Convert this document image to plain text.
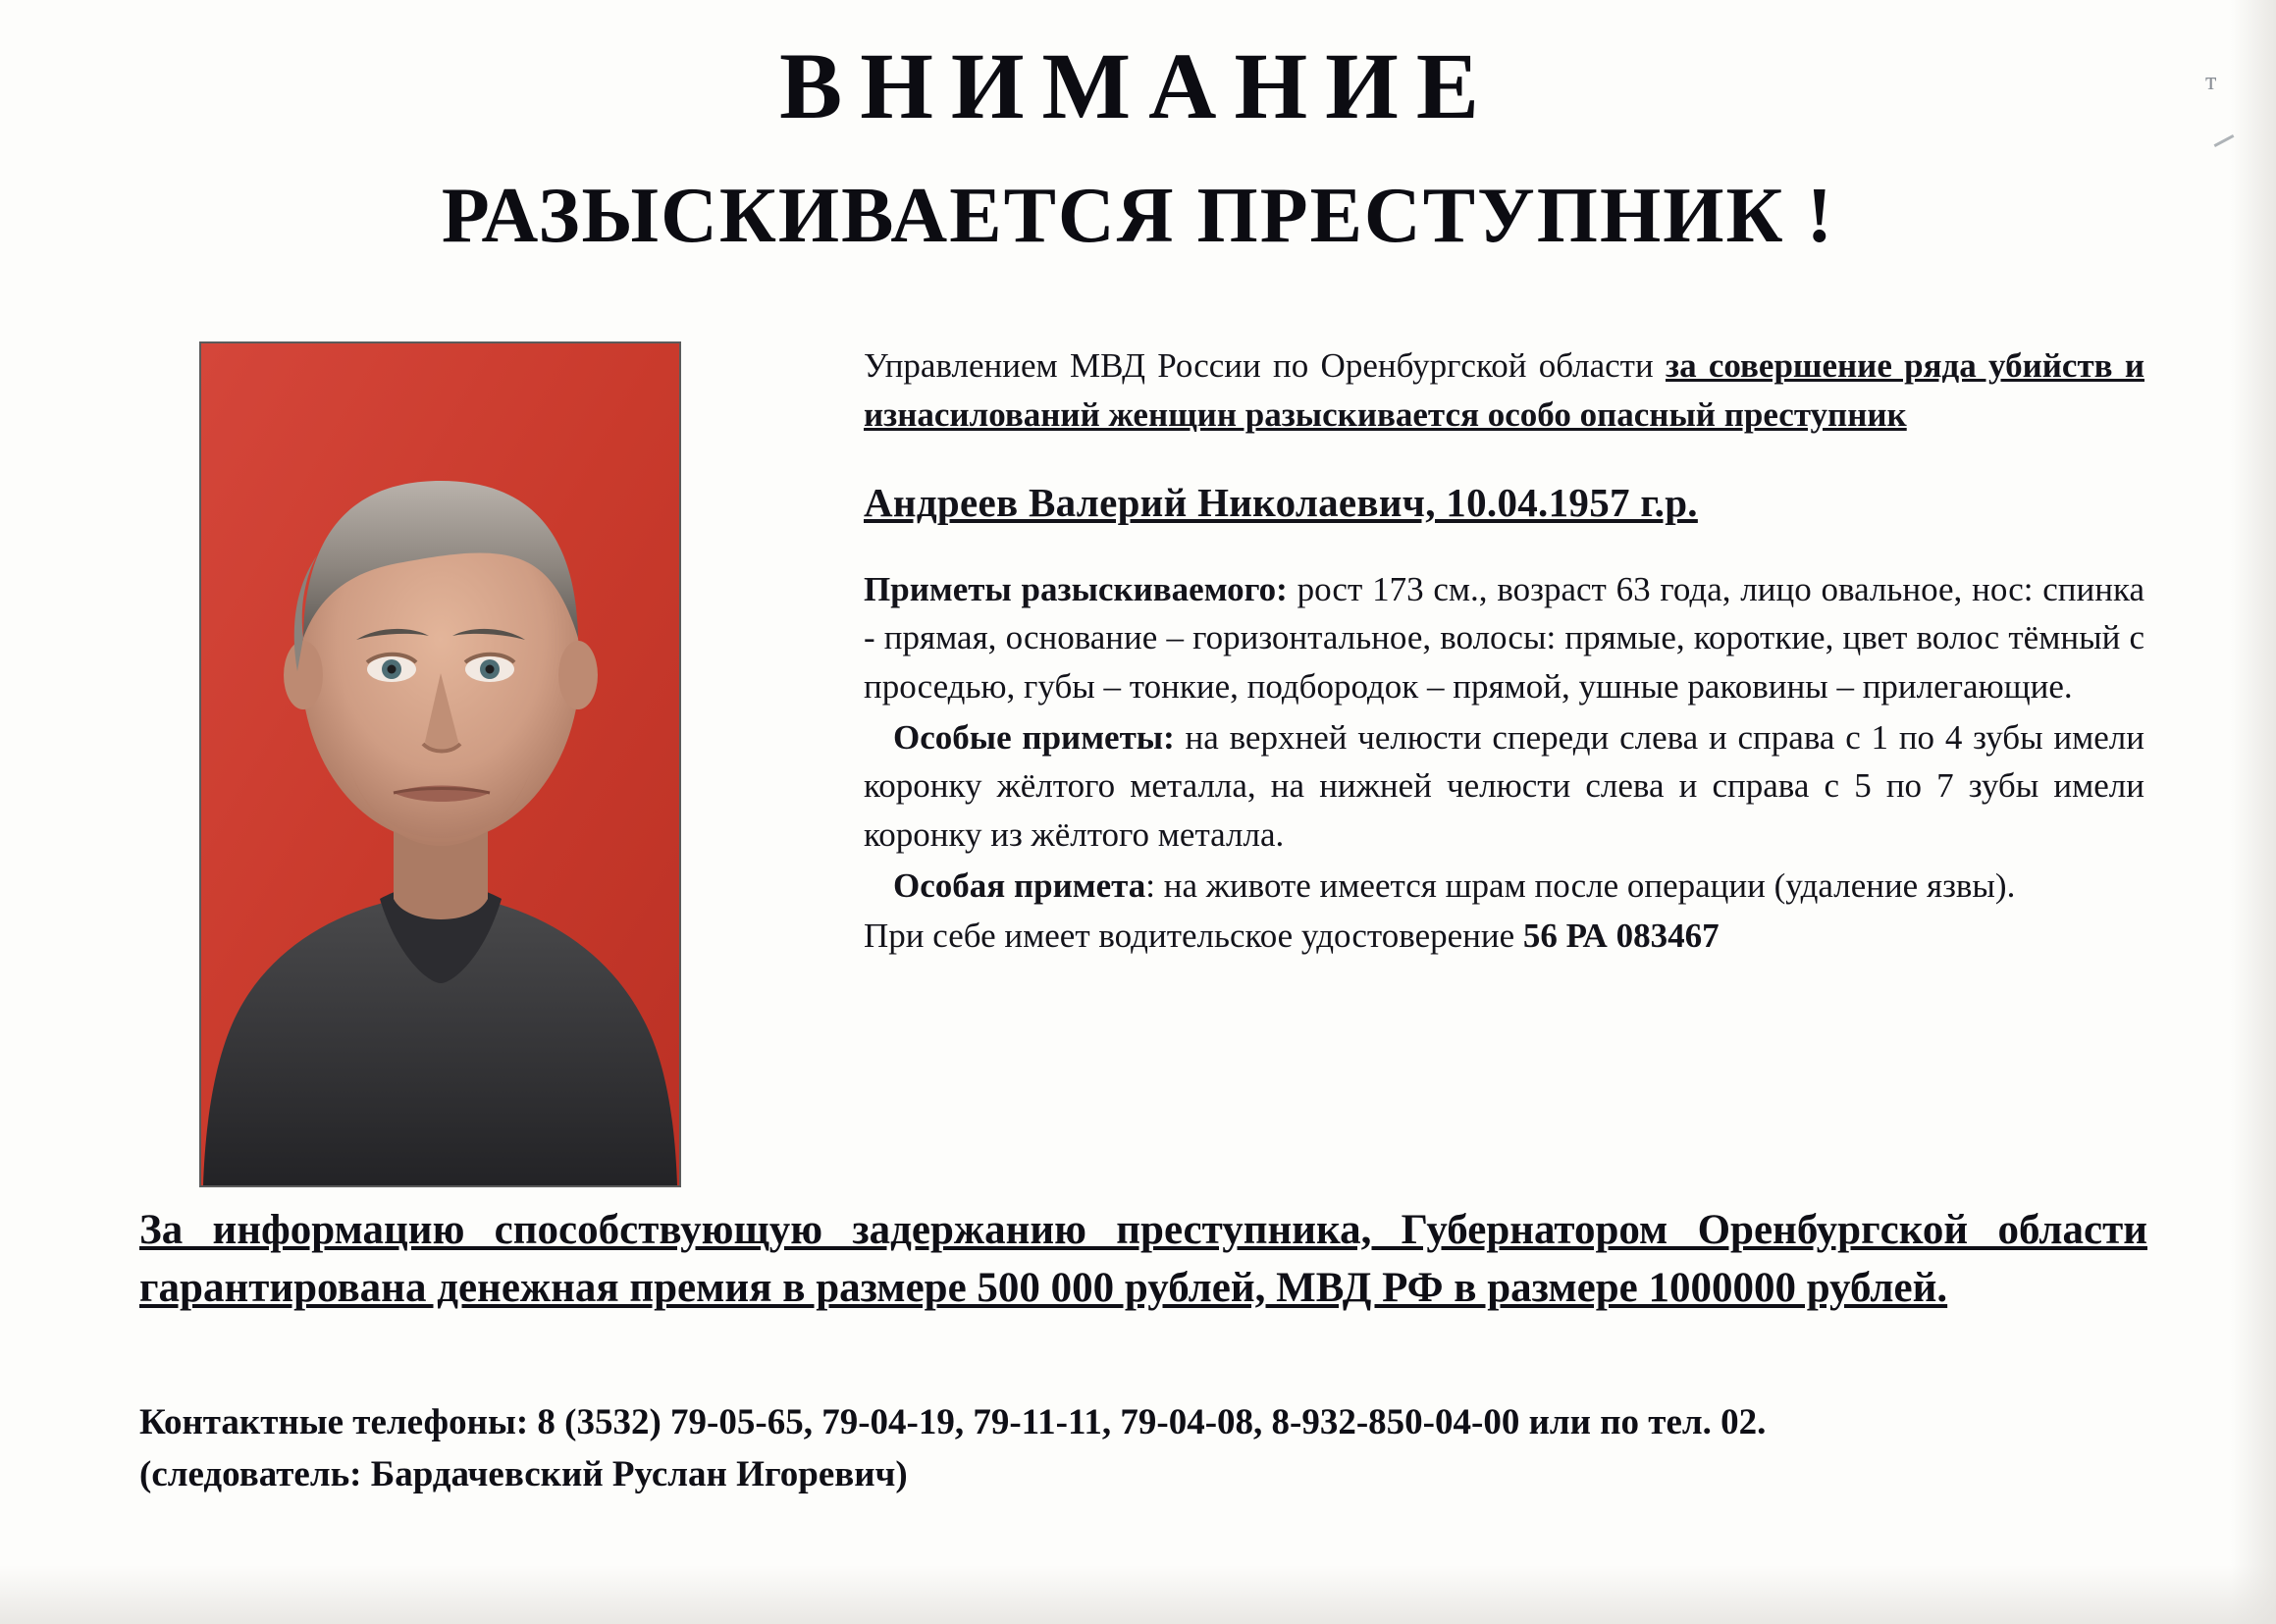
ВНИМАНИЕ
РАЗЫСКИВАЕТСЯ ПРЕСТУПНИК !

Управлением МВД России по Оренбургской области за совершение ряда убийств и изнасилований женщин разыскивается особо опасный преступник

Андреев Валерий Николаевич, 10.04.1957 г.р.

Приметы разыскиваемого: рост 173 см., возраст 63 года, лицо овальное, нос: спинка - прямая, основание – горизонтальное, волосы: прямые, короткие, цвет волос тёмный с проседью, губы – тонкие, подбородок – прямой, ушные раковины – прилегающие.

Особые приметы: на верхней челюсти спереди слева и справа с 1 по 4 зубы имели коронку жёлтого металла, на нижней челюсти слева и справа с 5 по 7 зубы имели коронку из жёлтого металла.

Особая примета: на животе имеется шрам после операции (удаление язвы).

При себе имеет водительское удостоверение 56 РА 083467

За информацию способствующую задержанию преступника, Губернатором Оренбургской области гарантирована денежная премия в размере 500 000 рублей, МВД РФ в размере 1000000 рублей.
Контактные телефоны: 8 (3532) 79-05-65, 79-04-19, 79-11-11, 79-04-08, 8-932-850-04-00 или по тел. 02.
(следователь: Бардачевский Руслан Игоревич)
т
